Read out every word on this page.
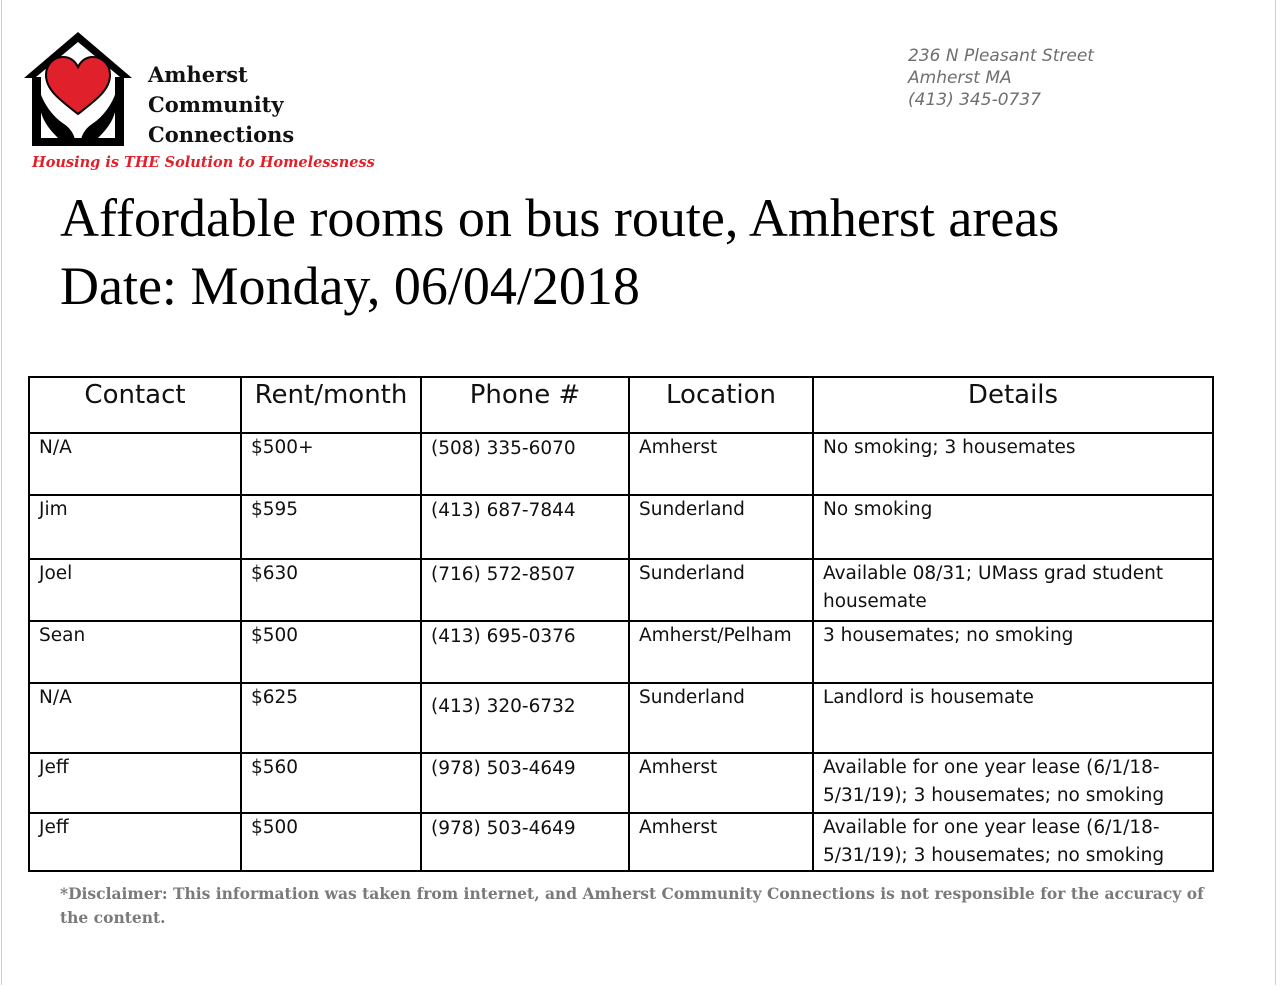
Amherst
Community
Connections
Housing is THE Solution to Homelessness
236 N Pleasant Street
Amherst MA
(413) 345-0737
Affordable rooms on bus route, Amherst areas
Date: Monday, 06/04/2018
Contact	Rent/month	Phone #	Location	Details
N/A	$500+	(508) 335-6070	Amherst	No smoking; 3 housemates
Jim	$595	(413) 687-7844	Sunderland	No smoking
Joel	$630	(716) 572-8507	Sunderland	Available 08/31; UMass grad student housemate
Sean	$500	(413) 695-0376	Amherst/Pelham	3 housemates; no smoking
N/A	$625	(413) 320-6732	Sunderland	Landlord is housemate
Jeff	$560	(978) 503-4649	Amherst	Available for one year lease (6/1/18-5/31/19); 3 housemates; no smoking
Jeff	$500	(978) 503-4649	Amherst	Available for one year lease (6/1/18-5/31/19); 3 housemates; no smoking
*Disclaimer: This information was taken from internet, and Amherst Community Connections is not responsible for the accuracy of the content.
